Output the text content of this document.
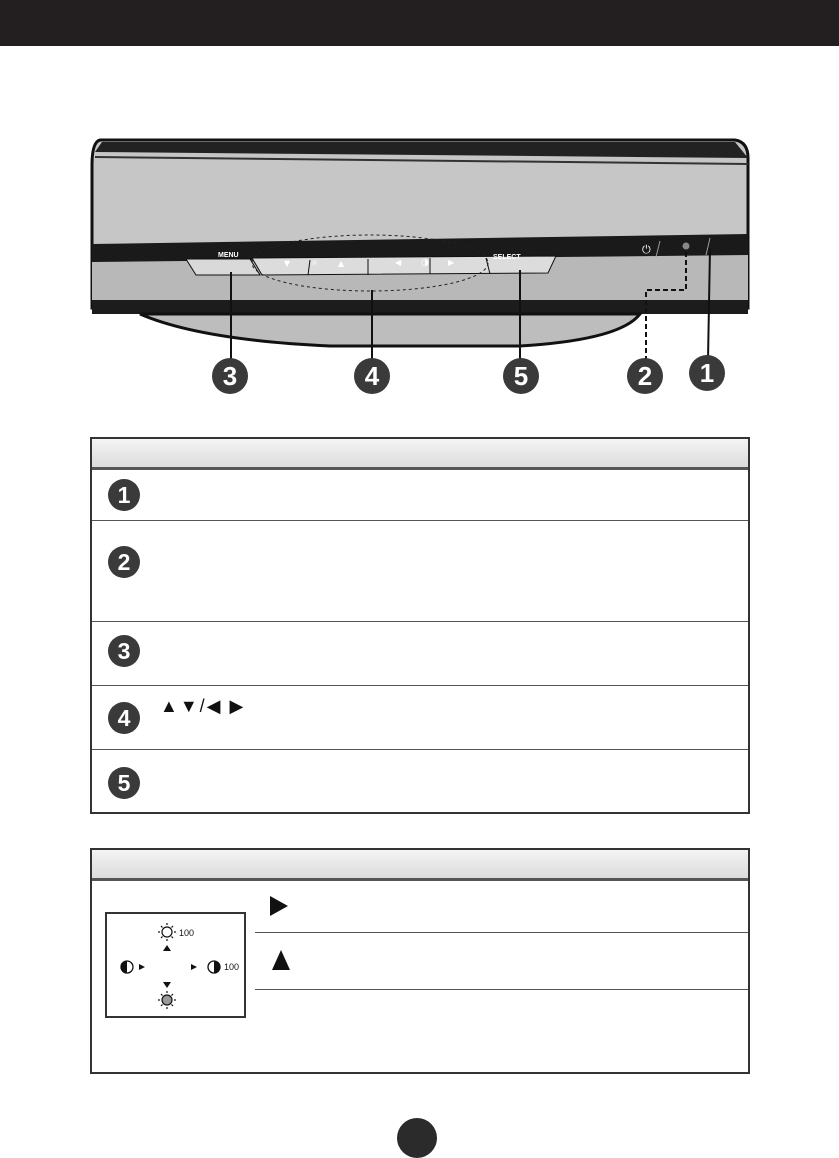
▼ ☼ ▲	◀ ◑ ▶
⏻
MENU	SELECT
3	4	5	2	1
1
2
3
4	▲▼/◀ ▶
5
100
100
